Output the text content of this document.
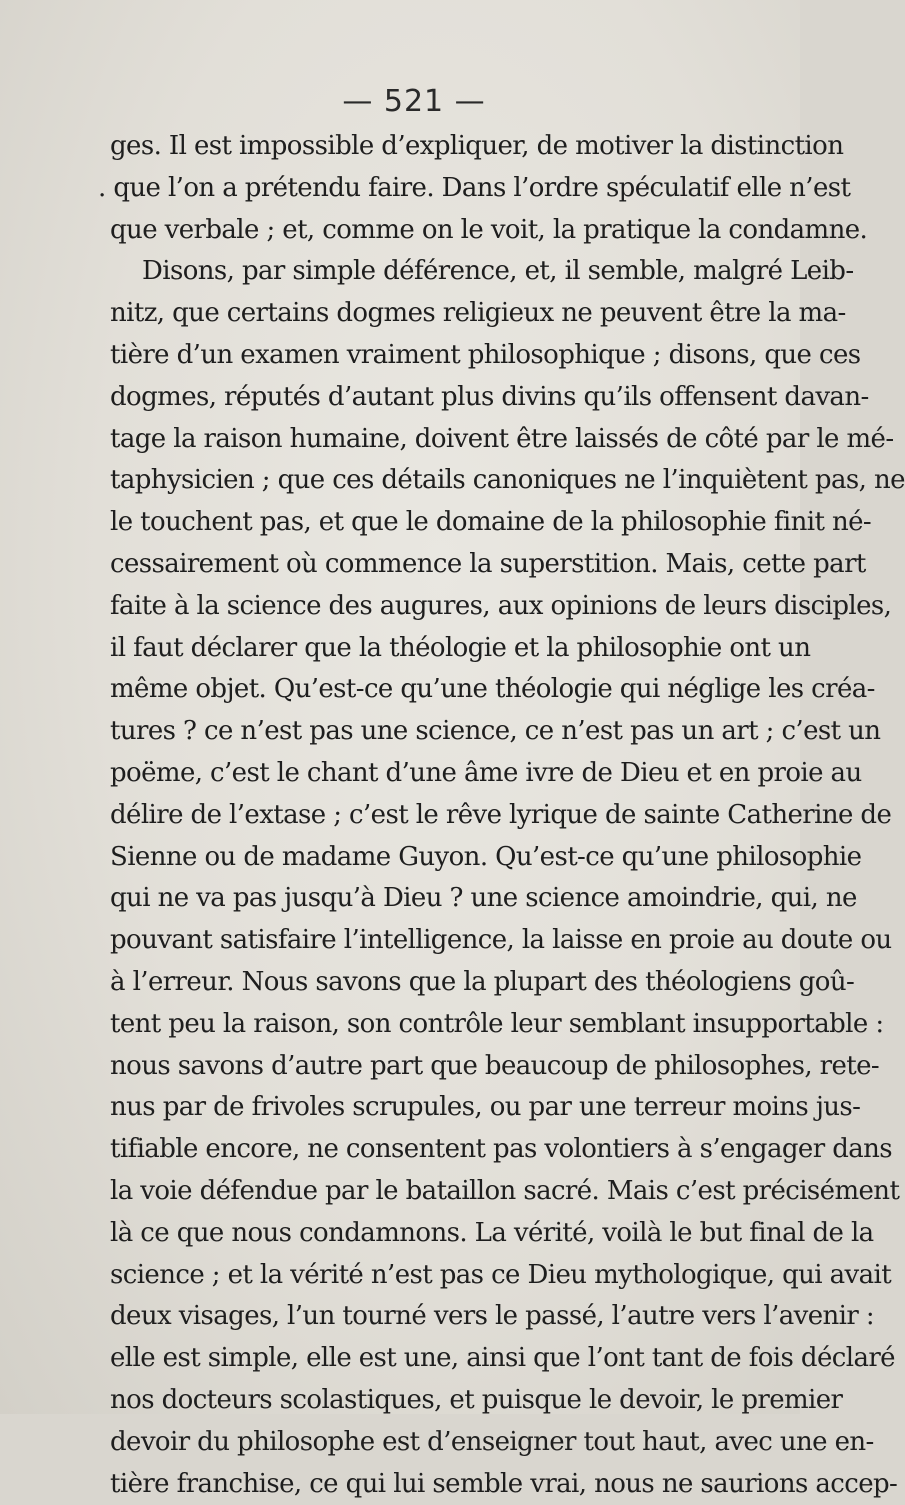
— 521 —
ges. Il est impossible d’expliquer, de motiver la distinction
. que l’on a prétendu faire. Dans l’ordre spéculatif elle n’est
que verbale ; et, comme on le voit, la pratique la condamne.
Disons, par simple déférence, et, il semble, malgré Leib-
nitz, que certains dogmes religieux ne peuvent être la ma-
tière d’un examen vraiment philosophique ; disons, que ces
dogmes, réputés d’autant plus divins qu’ils offensent davan-
tage la raison humaine, doivent être laissés de côté par le mé-
taphysicien ; que ces détails canoniques ne l’inquiètent pas, ne
le touchent pas, et que le domaine de la philosophie finit né-
cessairement où commence la superstition. Mais, cette part
faite à la science des augures, aux opinions de leurs disciples,
il faut déclarer que la théologie et la philosophie ont un
même objet. Qu’est-ce qu’une théologie qui néglige les créa-
tures ? ce n’est pas une science, ce n’est pas un art ; c’est un
poëme, c’est le chant d’une âme ivre de Dieu et en proie au
délire de l’extase ; c’est le rêve lyrique de sainte Catherine de
Sienne ou de madame Guyon. Qu’est-ce qu’une philosophie
qui ne va pas jusqu’à Dieu ? une science amoindrie, qui, ne
pouvant satisfaire l’intelligence, la laisse en proie au doute ou
à l’erreur. Nous savons que la plupart des théologiens goû-
tent peu la raison, son contrôle leur semblant insupportable :
nous savons d’autre part que beaucoup de philosophes, rete-
nus par de frivoles scrupules, ou par une terreur moins jus-
tifiable encore, ne consentent pas volontiers à s’engager dans
la voie défendue par le bataillon sacré. Mais c’est précisément
là ce que nous condamnons. La vérité, voilà le but final de la
science ; et la vérité n’est pas ce Dieu mythologique, qui avait
deux visages, l’un tourné vers le passé, l’autre vers l’avenir :
elle est simple, elle est une, ainsi que l’ont tant de fois déclaré
nos docteurs scolastiques, et puisque le devoir, le premier
devoir du philosophe est d’enseigner tout haut, avec une en-
tière franchise, ce qui lui semble vrai, nous ne saurions accep-
